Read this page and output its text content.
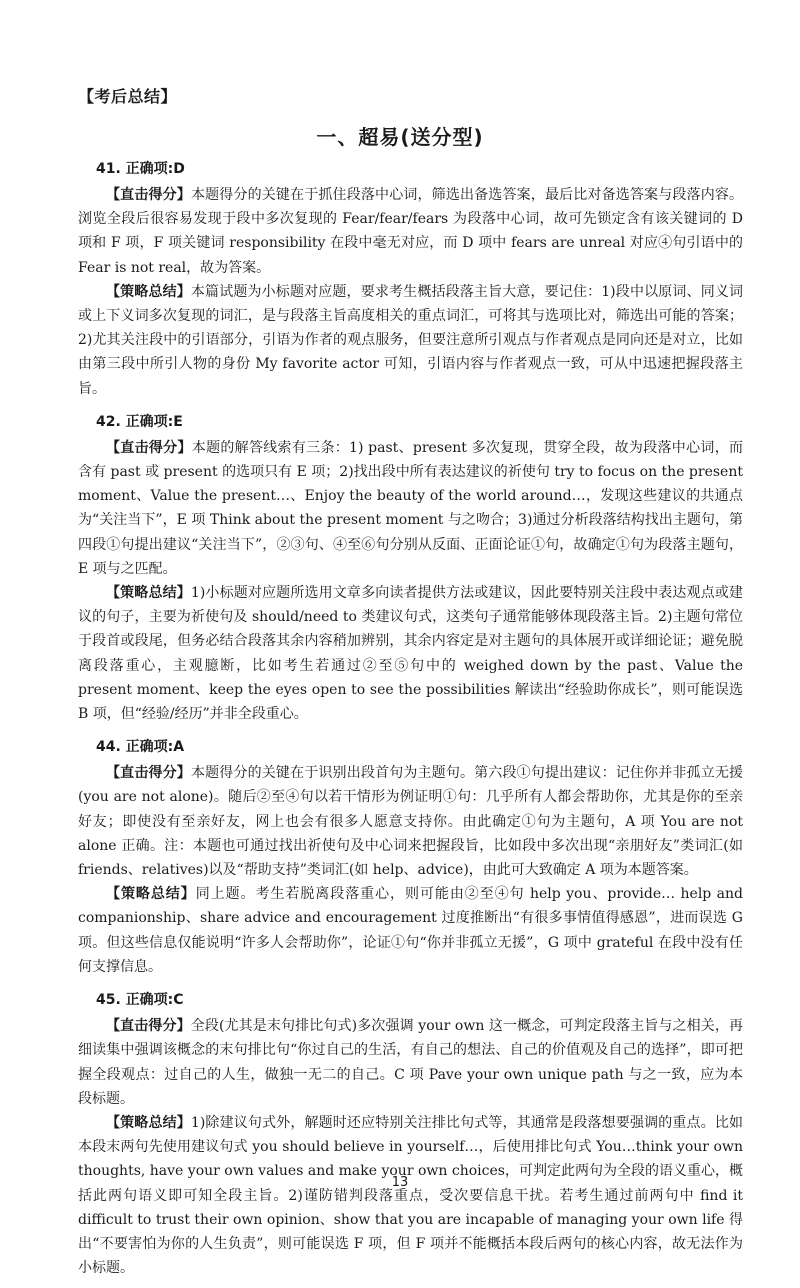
【考后总结】
一、超易(送分型)
41. 正确项:D

【直击得分】本题得分的关键在于抓住段落中心词，筛选出备选答案，最后比对备选答案与段落内容。浏览全段后很容易发现于段中多次复现的 Fear/fear/fears 为段落中心词，故可先锁定含有该关键词的 D 项和 F 项，F 项关键词 responsibility 在段中毫无对应，而 D 项中 fears are unreal 对应④句引语中的 Fear is not real，故为答案。

【策略总结】本篇试题为小标题对应题，要求考生概括段落主旨大意，要记住：1)段中以原词、同义词或上下义词多次复现的词汇，是与段落主旨高度相关的重点词汇，可将其与选项比对，筛选出可能的答案；2)尤其关注段中的引语部分，引语为作者的观点服务，但要注意所引观点与作者观点是同向还是对立，比如由第三段中所引人物的身份 My favorite actor 可知，引语内容与作者观点一致，可从中迅速把握段落主旨。

42. 正确项:E

【直击得分】本题的解答线索有三条：1) past、present 多次复现，贯穿全段，故为段落中心词，而含有 past 或 present 的选项只有 E 项；2)找出段中所有表达建议的祈使句 try to focus on the present moment、Value the present…、Enjoy the beauty of the world around…，发现这些建议的共通点为“关注当下”，E 项 Think about the present moment 与之吻合；3)通过分析段落结构找出主题句，第四段①句提出建议“关注当下”，②③句、④至⑥句分别从反面、正面论证①句，故确定①句为段落主题句，E 项与之匹配。

【策略总结】1)小标题对应题所选用文章多向读者提供方法或建议，因此要特别关注段中表达观点或建议的句子，主要为祈使句及 should/need to 类建议句式，这类句子通常能够体现段落主旨。2)主题句常位于段首或段尾，但务必结合段落其余内容稍加辨别，其余内容定是对主题句的具体展开或详细论证；避免脱离段落重心，主观臆断，比如考生若通过②至⑤句中的 weighed down by the past、Value the present moment、keep the eyes open to see the possibilities 解读出“经验助你成长”，则可能误选 B 项，但“经验/经历”并非全段重心。

44. 正确项:A

【直击得分】本题得分的关键在于识别出段首句为主题句。第六段①句提出建议：记住你并非孤立无援(you are not alone)。随后②至④句以若干情形为例证明①句：几乎所有人都会帮助你，尤其是你的至亲好友；即使没有至亲好友，网上也会有很多人愿意支持你。由此确定①句为主题句，A 项 You are not alone 正确。注：本题也可通过找出祈使句及中心词来把握段旨，比如段中多次出现“亲朋好友”类词汇(如 friends、relatives)以及“帮助支持”类词汇(如 help、advice)，由此可大致确定 A 项为本题答案。

【策略总结】同上题。考生若脱离段落重心，则可能由②至④句 help you、provide… help and companionship、share advice and encouragement 过度推断出“有很多事情值得感恩”，进而误选 G 项。但这些信息仅能说明“许多人会帮助你”，论证①句“你并非孤立无援”，G 项中 grateful 在段中没有任何支撑信息。

45. 正确项:C

【直击得分】全段(尤其是末句排比句式)多次强调 your own 这一概念，可判定段落主旨与之相关，再细读集中强调该概念的末句排比句“你过自己的生活，有自己的想法、自己的价值观及自己的选择”，即可把握全段观点：过自己的人生，做独一无二的自己。C 项 Pave your own unique path 与之一致，应为本段标题。

【策略总结】1)除建议句式外，解题时还应特别关注排比句式等，其通常是段落想要强调的重点。比如本段末两句先使用建议句式 you should believe in yourself…，后使用排比句式 You…think your own thoughts, have your own values and make your own choices，可判定此两句为全段的语义重心，概括此两句语义即可知全段主旨。2)谨防错判段落重点，受次要信息干扰。若考生通过前两句中 find it difficult to trust their own opinion、show that you are incapable of managing your own life 得出“不要害怕为你的人生负责”，则可能误选 F 项，但 F 项并不能概括本段后两句的核心内容，故无法作为小标题。

13
